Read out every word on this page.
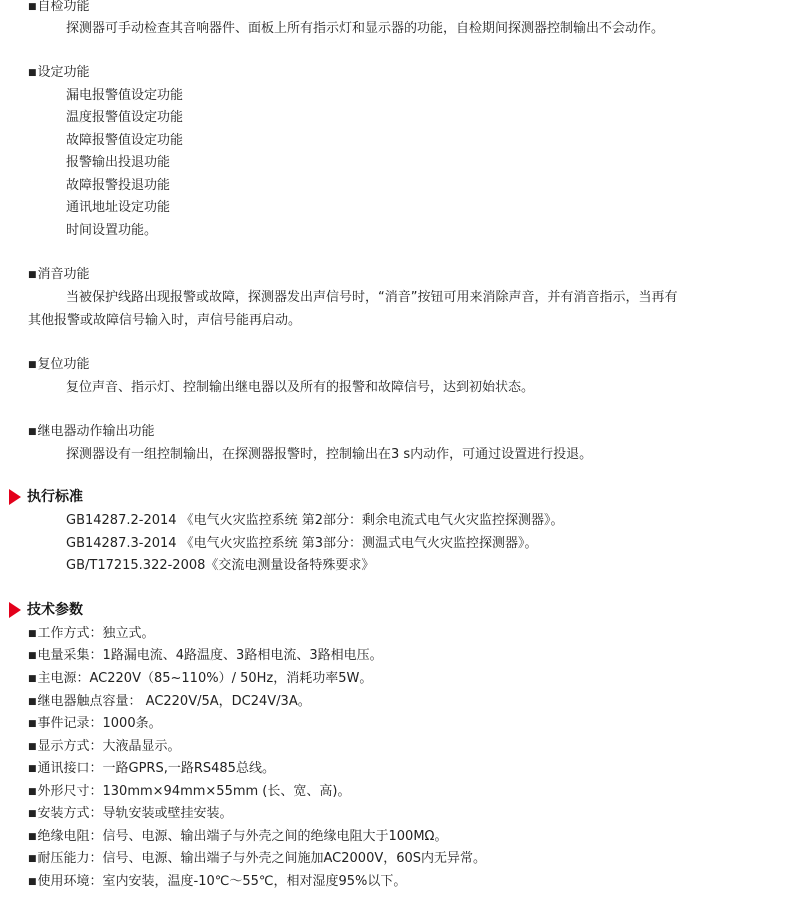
■自检功能
探测器可手动检查其音响器件、面板上所有指示灯和显示器的功能，自检期间探测器控制输出不会动作。
■设定功能
漏电报警值设定功能
温度报警值设定功能
故障报警值设定功能
报警输出投退功能
故障报警投退功能
通讯地址设定功能
时间设置功能。
■消音功能
当被保护线路出现报警或故障，探测器发出声信号时，“消音”按钮可用来消除声音，并有消音指示，当再有
其他报警或故障信号输入时，声信号能再启动。
■复位功能
复位声音、指示灯、控制输出继电器以及所有的报警和故障信号，达到初始状态。
■继电器动作输出功能
探测器设有一组控制输出，在探测器报警时，控制输出在3 s内动作，可通过设置进行投退。
执行标准
GB14287.2-2014 《电气火灾监控系统 第2部分：剩余电流式电气火灾监控探测器》。
GB14287.3-2014 《电气火灾监控系统 第3部分：测温式电气火灾监控探测器》。
GB/T17215.322-2008《交流电测量设备特殊要求》
技术参数
■工作方式：独立式。
■电量采集：1路漏电流、4路温度、3路相电流、3路相电压。
■主电源：AC220V（85~110%）/ 50Hz，消耗功率5W。
■继电器触点容量： AC220V/5A，DC24V/3A。
■事件记录：1000条。
■显示方式：大液晶显示。
■通讯接口：一路GPRS,一路RS485总线。
■外形尺寸：130mm×94mm×55mm (长、宽、高)。
■安装方式：导轨安装或壁挂安装。
■绝缘电阻：信号、电源、输出端子与外壳之间的绝缘电阻大于100MΩ。
■耐压能力：信号、电源、输出端子与外壳之间施加AC2000V，60S内无异常。
■使用环境：室内安装，温度-10℃～55℃，相对湿度95%以下。
